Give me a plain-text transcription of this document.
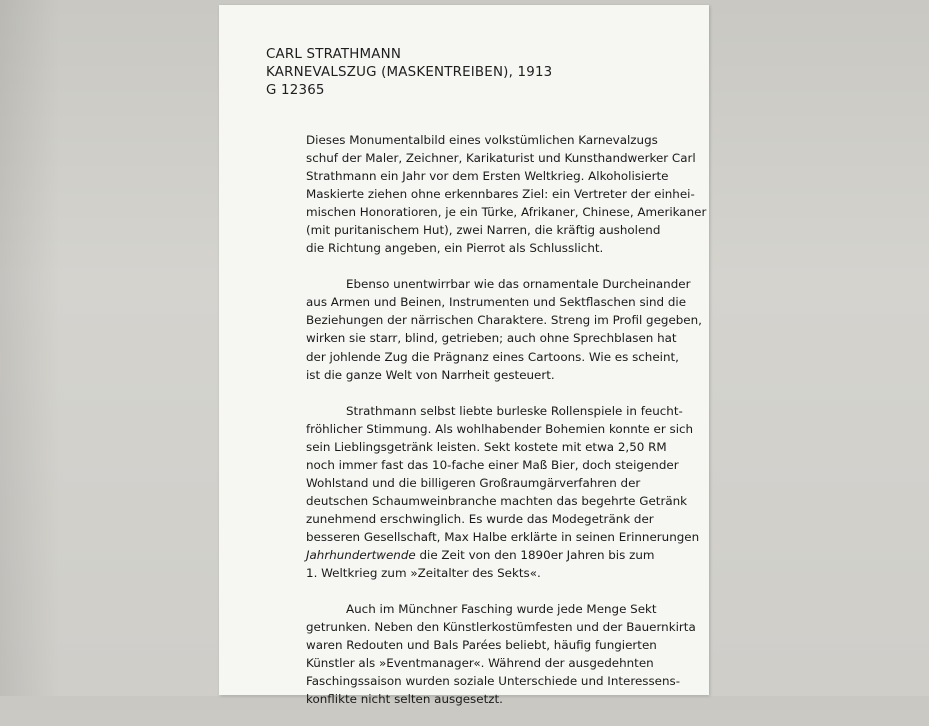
CARL STRATHMANN
KARNEVALSZUG (MASKENTREIBEN), 1913
G 12365
Dieses Monumentalbild eines volkstümlichen Karnevalzugs
schuf der Maler, Zeichner, Karikaturist und Kunsthandwerker Carl
Strathmann ein Jahr vor dem Ersten Weltkrieg. Alkoholisierte
Maskierte ziehen ohne erkennbares Ziel: ein Vertreter der einhei-
mischen Honoratioren, je ein Türke, Afrikaner, Chinese, Amerikaner
(mit puritanischem Hut), zwei Narren, die kräftig ausholend
die Richtung angeben, ein Pierrot als Schlusslicht.
Ebenso unentwirrbar wie das ornamentale Durcheinander
aus Armen und Beinen, Instrumenten und Sektflaschen sind die
Beziehungen der närrischen Charaktere. Streng im Profil gegeben,
wirken sie starr, blind, getrieben; auch ohne Sprechblasen hat
der johlende Zug die Prägnanz eines Cartoons. Wie es scheint,
ist die ganze Welt von Narrheit gesteuert.
Strathmann selbst liebte burleske Rollenspiele in feucht-
fröhlicher Stimmung. Als wohlhabender Bohemien konnte er sich
sein Lieblingsgetränk leisten. Sekt kostete mit etwa 2,50 RM
noch immer fast das 10-fache einer Maß Bier, doch steigender
Wohlstand und die billigeren Großraumgärverfahren der
deutschen Schaumweinbranche machten das begehrte Getränk
zunehmend erschwinglich. Es wurde das Modegetränk der
besseren Gesellschaft, Max Halbe erklärte in seinen Erinnerungen
Jahrhundertwende die Zeit von den 1890er Jahren bis zum
1. Weltkrieg zum »Zeitalter des Sekts«.
Auch im Münchner Fasching wurde jede Menge Sekt
getrunken. Neben den Künstlerkostümfesten und der Bauernkirta
waren Redouten und Bals Parées beliebt, häufig fungierten
Künstler als »Eventmanager«. Während der ausgedehnten
Faschingssaison wurden soziale Unterschiede und Interessens-
konflikte nicht selten ausgesetzt.
